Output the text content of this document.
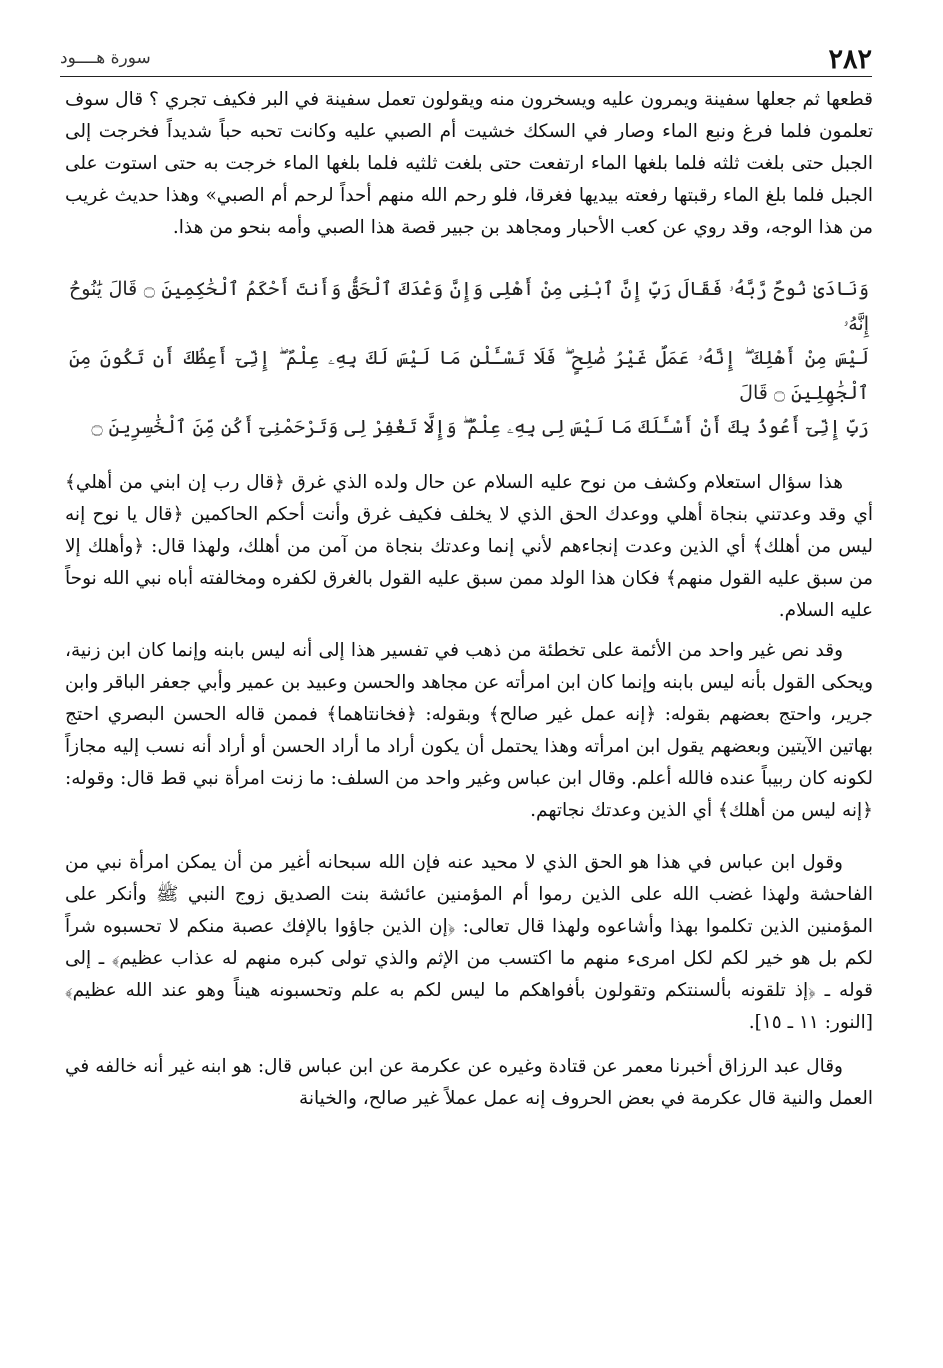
٢٨٢
سورة هــــود

قطعها ثم جعلها سفينة ويمرون عليه ويسخرون منه ويقولون تعمل سفينة في البر فكيف تجري ؟ قال سوف تعلمون فلما فرغ ونبع الماء وصار في السكك خشيت أم الصبي عليه وكانت تحبه حباً شديداً فخرجت إلى الجبل حتى بلغت ثلثه فلما بلغها الماء ارتفعت حتى بلغت ثلثيه فلما بلغها الماء خرجت به حتى استوت على الجبل فلما بلغ الماء رقبتها رفعته بيديها فغرقا، فلو رحم الله منهم أحداً لرحم أم الصبي» وهذا حديث غريب من هذا الوجه، وقد روي عن كعب الأحبار ومجاهد بن جبير قصة هذا الصبي وأمه بنحو من هذا.

وَنَادَىٰ نُوحٌ رَّبَّهُۥ فَقَالَ رَبِّ إِنَّ ٱبْنِى مِنْ أَهْلِى وَإِنَّ وَعْدَكَ ٱلْحَقُّ وَأَنتَ أَحْكَمُ ٱلْحَٰكِمِينَ ۝ قَالَ يَٰنُوحُ إِنَّهُۥ
لَيْسَ مِنْ أَهْلِكَ ۖ إِنَّهُۥ عَمَلٌ غَيْرُ صَٰلِحٍ ۖ فَلَا تَسْـَٔلْنِ مَا لَيْسَ لَكَ بِهِۦ عِلْمٌ ۖ إِنِّىٓ أَعِظُكَ أَن تَكُونَ مِنَ ٱلْجَٰهِلِينَ ۝ قَالَ
رَبِّ إِنِّىٓ أَعُوذُ بِكَ أَنْ أَسْـَٔلَكَ مَا لَيْسَ لِى بِهِۦ عِلْمٌ ۖ وَإِلَّا تَغْفِرْ لِى وَتَرْحَمْنِىٓ أَكُن مِّنَ ٱلْخَٰسِرِينَ ۝

هذا سؤال استعلام وكشف من نوح عليه السلام عن حال ولده الذي غرق ﴿قال رب إن ابني من أهلي﴾ أي وقد وعدتني بنجاة أهلي ووعدك الحق الذي لا يخلف فكيف غرق وأنت أحكم الحاكمين ﴿قال يا نوح إنه ليس من أهلك﴾ أي الذين وعدت إنجاءهم لأني إنما وعدتك بنجاة من آمن من أهلك، ولهذا قال: ﴿وأهلك إلا من سبق عليه القول منهم﴾ فكان هذا الولد ممن سبق عليه القول بالغرق لكفره ومخالفته أباه نبي الله نوحاً عليه السلام.

وقد نص غير واحد من الأئمة على تخطئة من ذهب في تفسير هذا إلى أنه ليس بابنه وإنما كان ابن زنية، ويحكى القول بأنه ليس بابنه وإنما كان ابن امرأته عن مجاهد والحسن وعبيد بن عمير وأبي جعفر الباقر وابن جرير، واحتج بعضهم بقوله: ﴿إنه عمل غير صالح﴾ وبقوله: ﴿فخانتاهما﴾ فممن قاله الحسن البصري احتج بهاتين الآيتين وبعضهم يقول ابن امرأته وهذا يحتمل أن يكون أراد ما أراد الحسن أو أراد أنه نسب إليه مجازاً لكونه كان ربيباً عنده فالله أعلم. وقال ابن عباس وغير واحد من السلف: ما زنت امرأة نبي قط قال: وقوله: ﴿إنه ليس من أهلك﴾ أي الذين وعدتك نجاتهم.

وقول ابن عباس في هذا هو الحق الذي لا محيد عنه فإن الله سبحانه أغير من أن يمكن امرأة نبي من الفاحشة ولهذا غضب الله على الذين رموا أم المؤمنين عائشة بنت الصديق زوج النبي ﷺ وأنكر على المؤمنين الذين تكلموا بهذا وأشاعوه ولهذا قال تعالى: ﴿إن الذين جاؤوا بالإفك عصبة منكم لا تحسبوه شراً لكم بل هو خير لكم لكل امرىء منهم ما اكتسب من الإثم والذي تولى كبره منهم له عذاب عظيم﴾ ـ إلى قوله ـ ﴿إذ تلقونه بألسنتكم وتقولون بأفواهكم ما ليس لكم به علم وتحسبونه هيناً وهو عند الله عظيم﴾ [النور: ١١ ـ ١٥].

وقال عبد الرزاق أخبرنا معمر عن قتادة وغيره عن عكرمة عن ابن عباس قال: هو ابنه غير أنه خالفه في العمل والنية قال عكرمة في بعض الحروف إنه عمل عملاً غير صالح، والخيانة
